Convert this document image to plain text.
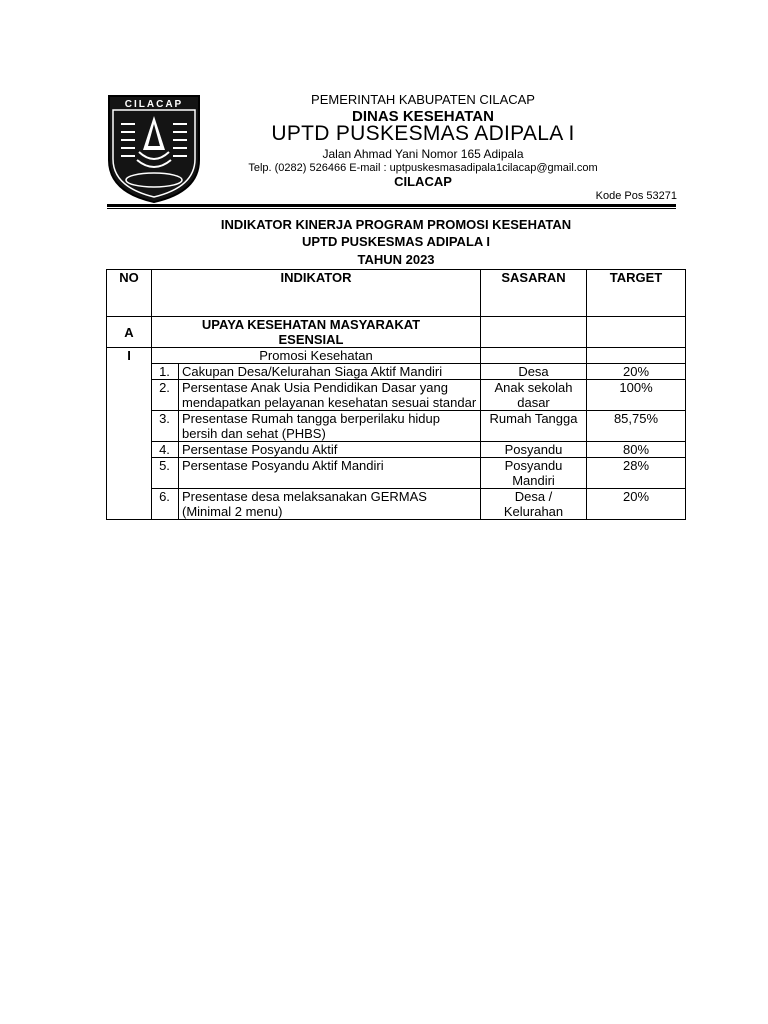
CILACAP	PEMERINTAH KABUPATEN CILACAP
DINAS KESEHATAN
UPTD PUSKESMAS ADIPALA I
Jalan Ahmad Yani Nomor 165 Adipala
Telp. (0282) 526466 E-mail : uptpuskesmasadipala1cilacap@gmail.com
CILACAP
Kode Pos 53271
INDIKATOR KINERJA PROGRAM PROMOSI KESEHATAN
UPTD PUSKESMAS ADIPALA I
TAHUN 2023
NO	INDIKATOR		SASARAN	TARGET
A	UPAYA KESEHATAN MASYARAKAT ESENSIAL			
I	Promosi Kesehatan			
	1.	Cakupan Desa/Kelurahan Siaga Aktif Mandiri	Desa	20%
	2.	Persentase Anak Usia Pendidikan Dasar yang mendapatkan pelayanan kesehatan sesuai standar	Anak sekolah dasar	100%
	3.	Presentase Rumah tangga berperilaku hidup bersih dan sehat (PHBS)	Rumah Tangga	85,75%
	4.	Persentase Posyandu Aktif	Posyandu	80%
	5.	Persentase Posyandu Aktif Mandiri	Posyandu Mandiri	28%
	6.	Presentase desa melaksanakan GERMAS (Minimal 2 menu)	Desa / Kelurahan	20%
